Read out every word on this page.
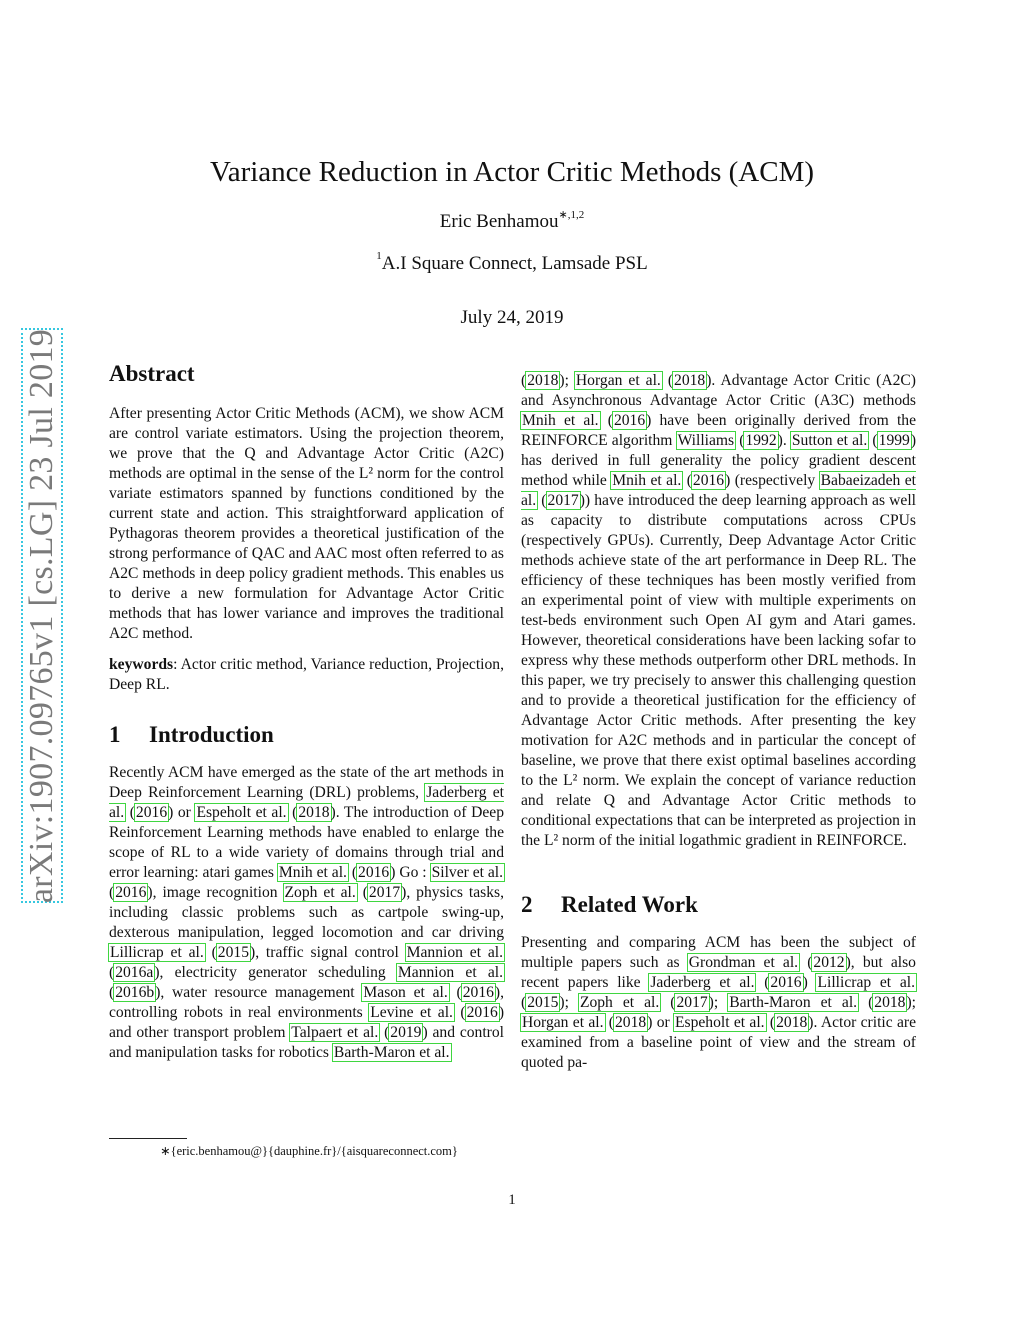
arXiv:1907.09765v1 [cs.LG] 23 Jul 2019
Variance Reduction in Actor Critic Methods (ACM)
Eric Benhamou$^{∗,1,2}$
$^1$A.I Square Connect, Lamsade PSL
July 24, 2019
Abstract

After presenting Actor Critic Methods (ACM), we show ACM are control variate estimators. Using the projection theorem, we prove that the Q and Advantage Actor Critic (A2C) methods are optimal in the sense of the L² norm for the control variate estimators spanned by functions conditioned by the current state and action. This straightforward application of Pythagoras theorem provides a theoretical justification of the strong performance of QAC and AAC most often referred to as A2C methods in deep policy gradient methods. This enables us to derive a new formulation for Advantage Actor Critic methods that has lower variance and improves the traditional A2C method.

keywords: Actor critic method, Variance reduction, Projection, Deep RL.

1 Introduction

Recently ACM have emerged as the state of the art methods in Deep Reinforcement Learning (DRL) problems, Jaderberg et al. (2016) or Espeholt et al. (2018). The introduction of Deep Reinforcement Learning methods have enabled to enlarge the scope of RL to a wide variety of domains through trial and error learning: atari games Mnih et al. (2016) Go : Silver et al. (2016), image recognition Zoph et al. (2017), physics tasks, including classic problems such as cartpole swing-up, dexterous manipulation, legged locomotion and car driving Lillicrap et al. (2015), traffic signal control Mannion et al. (2016a), electricity generator scheduling Mannion et al. (2016b), water resource management Mason et al. (2016), controlling robots in real environments Levine et al. (2016) and other transport problem Talpaert et al. (2019) and control and manipulation tasks for robotics Barth-Maron et al.

(2018); Horgan et al. (2018). Advantage Actor Critic (A2C) and Asynchronous Advantage Actor Critic (A3C) methods Mnih et al. (2016) have been originally derived from the REINFORCE algorithm Williams (1992). Sutton et al. (1999) has derived in full generality the policy gradient descent method while Mnih et al. (2016) (respectively Babaeizadeh et al. (2017)) have introduced the deep learning approach as well as capacity to distribute computations across CPUs (respectively GPUs). Currently, Deep Advantage Actor Critic methods achieve state of the art performance in Deep RL. The efficiency of these techniques has been mostly verified from an experimental point of view with multiple experiments on test-beds environment such Open AI gym and Atari games. However, theoretical considerations have been lacking sofar to express why these methods outperform other DRL methods. In this paper, we try precisely to answer this challenging question and to provide a theoretical justification for the efficiency of Advantage Actor Critic methods. After presenting the key motivation for A2C methods and in particular the concept of baseline, we prove that there exist optimal baselines according to the L² norm. We explain the concept of variance reduction and relate Q and Advantage Actor Critic methods to conditional expectations that can be interpreted as projection in the L² norm of the initial logathmic gradient in REINFORCE.

2 Related Work

Presenting and comparing ACM has been the subject of multiple papers such as Grondman et al. (2012), but also recent papers like Jaderberg et al. (2016) Lillicrap et al. (2015); Zoph et al. (2017); Barth-Maron et al. (2018); Horgan et al. (2018) or Espeholt et al. (2018). Actor critic are examined from a baseline point of view and the stream of quoted pa-

∗{eric.benhamou@}{dauphine.fr}/{aisquareconnect.com}
1
